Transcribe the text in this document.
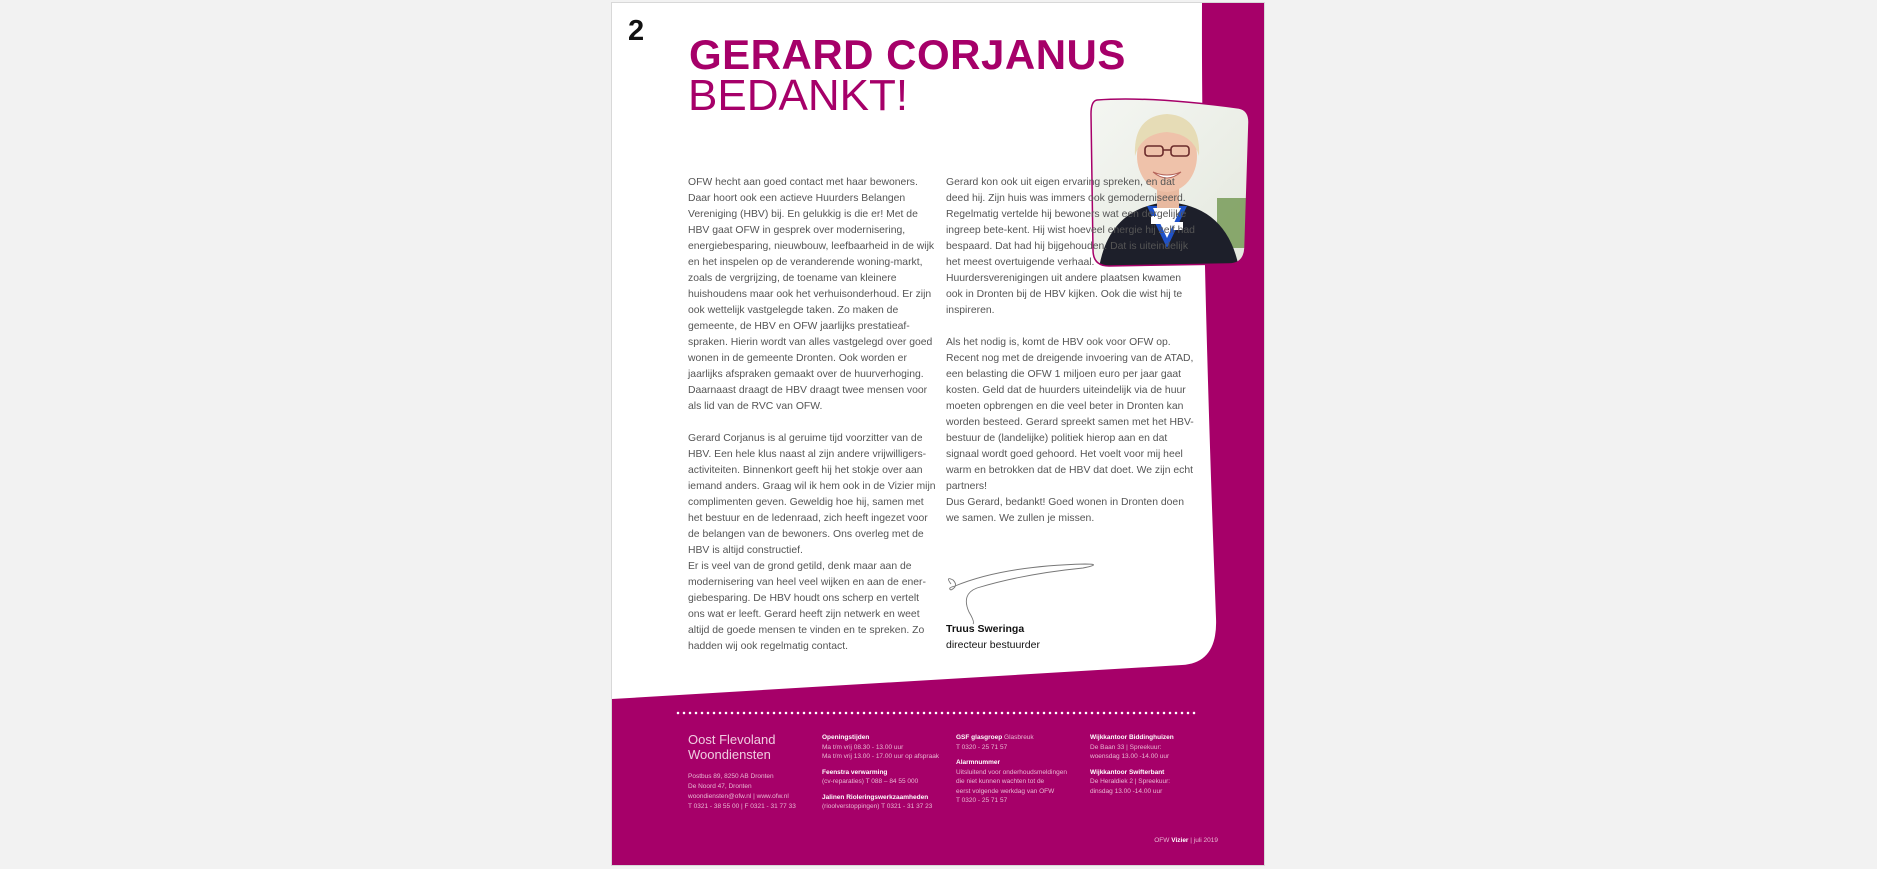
2 GERARD CORJANUS
BEDANKT!

OFW hecht aan goed contact met haar bewoners. Daar hoort ook een actieve Huurders Belangen Vereniging (HBV) bij. En gelukkig is die er! Met de HBV gaat OFW in gesprek over modernisering, energiebesparing, nieuwbouw, leefbaarheid in de wijk en het inspelen op de veranderende woning-markt, zoals de vergrijzing, de toename van kleinere huishoudens maar ook het verhuisonderhoud. Er zijn ook wettelijk vastgelegde taken. Zo maken de gemeente, de HBV en OFW jaarlijks prestatieaf-spraken. Hierin wordt van alles vastgelegd over goed wonen in de gemeente Dronten. Ook worden er jaarlijks afspraken gemaakt over de huurverhoging. Daarnaast draagt de HBV draagt twee mensen voor als lid van de RVC van OFW.

Gerard Corjanus is al geruime tijd voorzitter van de HBV. Een hele klus naast al zijn andere vrijwilligers-activiteiten. Binnenkort geeft hij het stokje over aan iemand anders. Graag wil ik hem ook in de Vizier mijn complimenten geven. Geweldig hoe hij, samen met het bestuur en de ledenraad, zich heeft ingezet voor de belangen van de bewoners. Ons overleg met de HBV is altijd constructief.

Er is veel van de grond getild, denk maar aan de modernisering van heel veel wijken en aan de ener-giebesparing. De HBV houdt ons scherp en vertelt ons wat er leeft. Gerard heeft zijn netwerk en weet altijd de goede mensen te vinden en te spreken. Zo hadden wij ook regelmatig contact.

Gerard kon ook uit eigen ervaring spreken, en dat deed hij. Zijn huis was immers ook gemoderniseerd. Regelmatig vertelde hij bewoners wat een dergelijke ingreep bete-kent. Hij wist hoeveel energie hij zelf had bespaard. Dat had hij bijgehouden. Dat is uiteindelijk het meest overtuigende verhaal. Huurdersverenigingen uit andere plaatsen kwamen ook in Dronten bij de HBV kijken. Ook die wist hij te inspireren.

Als het nodig is, komt de HBV ook voor OFW op. Recent nog met de dreigende invoering van de ATAD, een belasting die OFW 1 miljoen euro per jaar gaat kosten. Geld dat de huurders uiteindelijk via de huur moeten opbrengen en die veel beter in Dronten kan worden besteed. Gerard spreekt samen met het HBV-bestuur de (landelijke) politiek hierop aan en dat signaal wordt goed gehoord. Het voelt voor mij heel warm en betrokken dat de HBV dat doet. We zijn echt partners!

Dus Gerard, bedankt! Goed wonen in Dronten doen we samen. We zullen je missen.

Truus Sweringa
directeur bestuurder
Oost Flevoland
Woondiensten
Postbus 89, 8250 AB Dronten
De Noord 47, Dronten
woondiensten@ofw.nl | www.ofw.nl
T 0321 - 38 55 00 | F 0321 - 31 77 33
Openingstijden
Ma t/m vrij 08.30 - 13.00 uur
Ma t/m vrij 13.00 - 17.00 uur op afspraak
Feenstra verwarming
(cv-reparaties) T 088 – 84 55 000
Jalinen Rioleringswerkzaamheden
(rioolverstoppingen) T 0321 - 31 37 23
GSF glasgroep Glasbreuk
T 0320 - 25 71 57
Alarmnummer
Uitsluitend voor onderhoudsmeldingen
die niet kunnen wachten tot de
eerst volgende werkdag van OFW
T 0320 - 25 71 57
Wijkkantoor Biddinghuizen
De Baan 33 | Spreekuur:
woensdag 13.00 -14.00 uur
Wijkkantoor Swifterbant
De Heraldiek 2 | Spreekuur:
dinsdag 13.00 -14.00 uur
OFW Vizier | juli 2019
